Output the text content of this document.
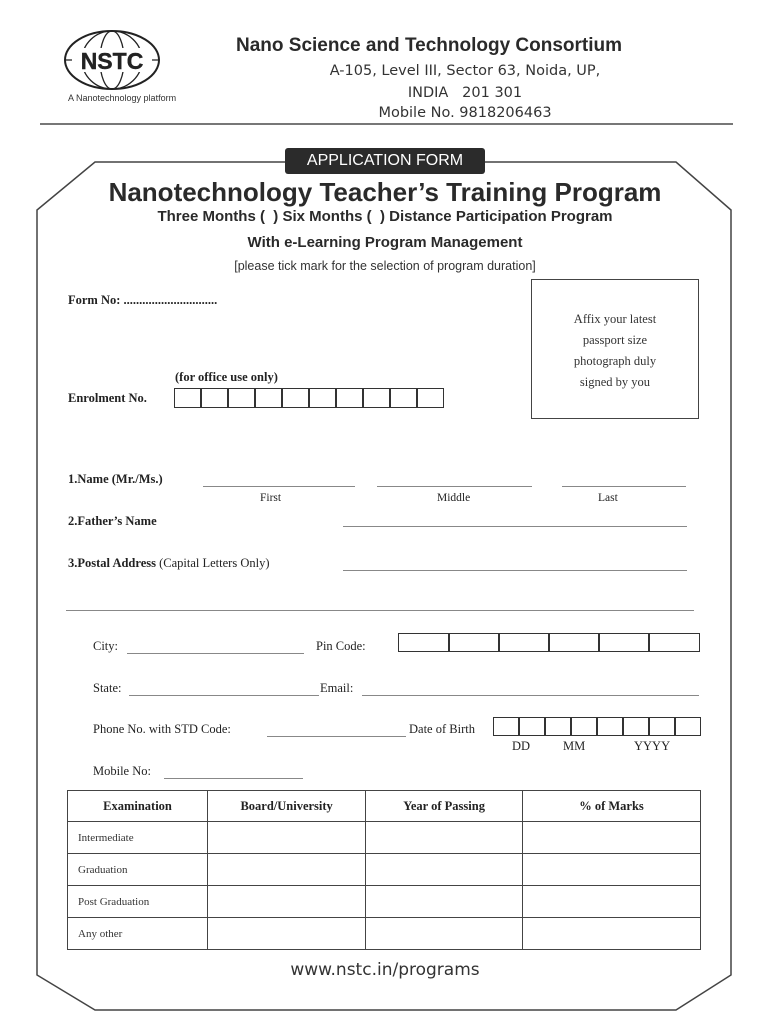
NSTC
A Nanotechnology platform
Nano Science and Technology Consortium
A-105, Level III, Sector 63, Noida, UP,
INDIA   201 301
Mobile No. 9818206463
APPLICATION FORM
Nanotechnology Teacher’s Training Program
Three Months (  ) Six Months (  ) Distance Participation Program
With e-Learning Program Management
[please tick mark for the selection of program duration]
Form No: ..............................
Affix your latest
passport size
photograph duly
signed by you
(for office use only)
Enrolment No.
1.Name (Mr./Ms.)
First	Middle	Last
2.Father’s Name
3.Postal Address (Capital Letters Only)
City:	Pin Code:
State:	Email:
Phone No. with STD Code:	Date of Birth
DD	MM	YYYY
Mobile No:
Examination	Board/University	Year of Passing	% of Marks
Intermediate			
Graduation			
Post Graduation			
Any other			
www.nstc.in/programs
